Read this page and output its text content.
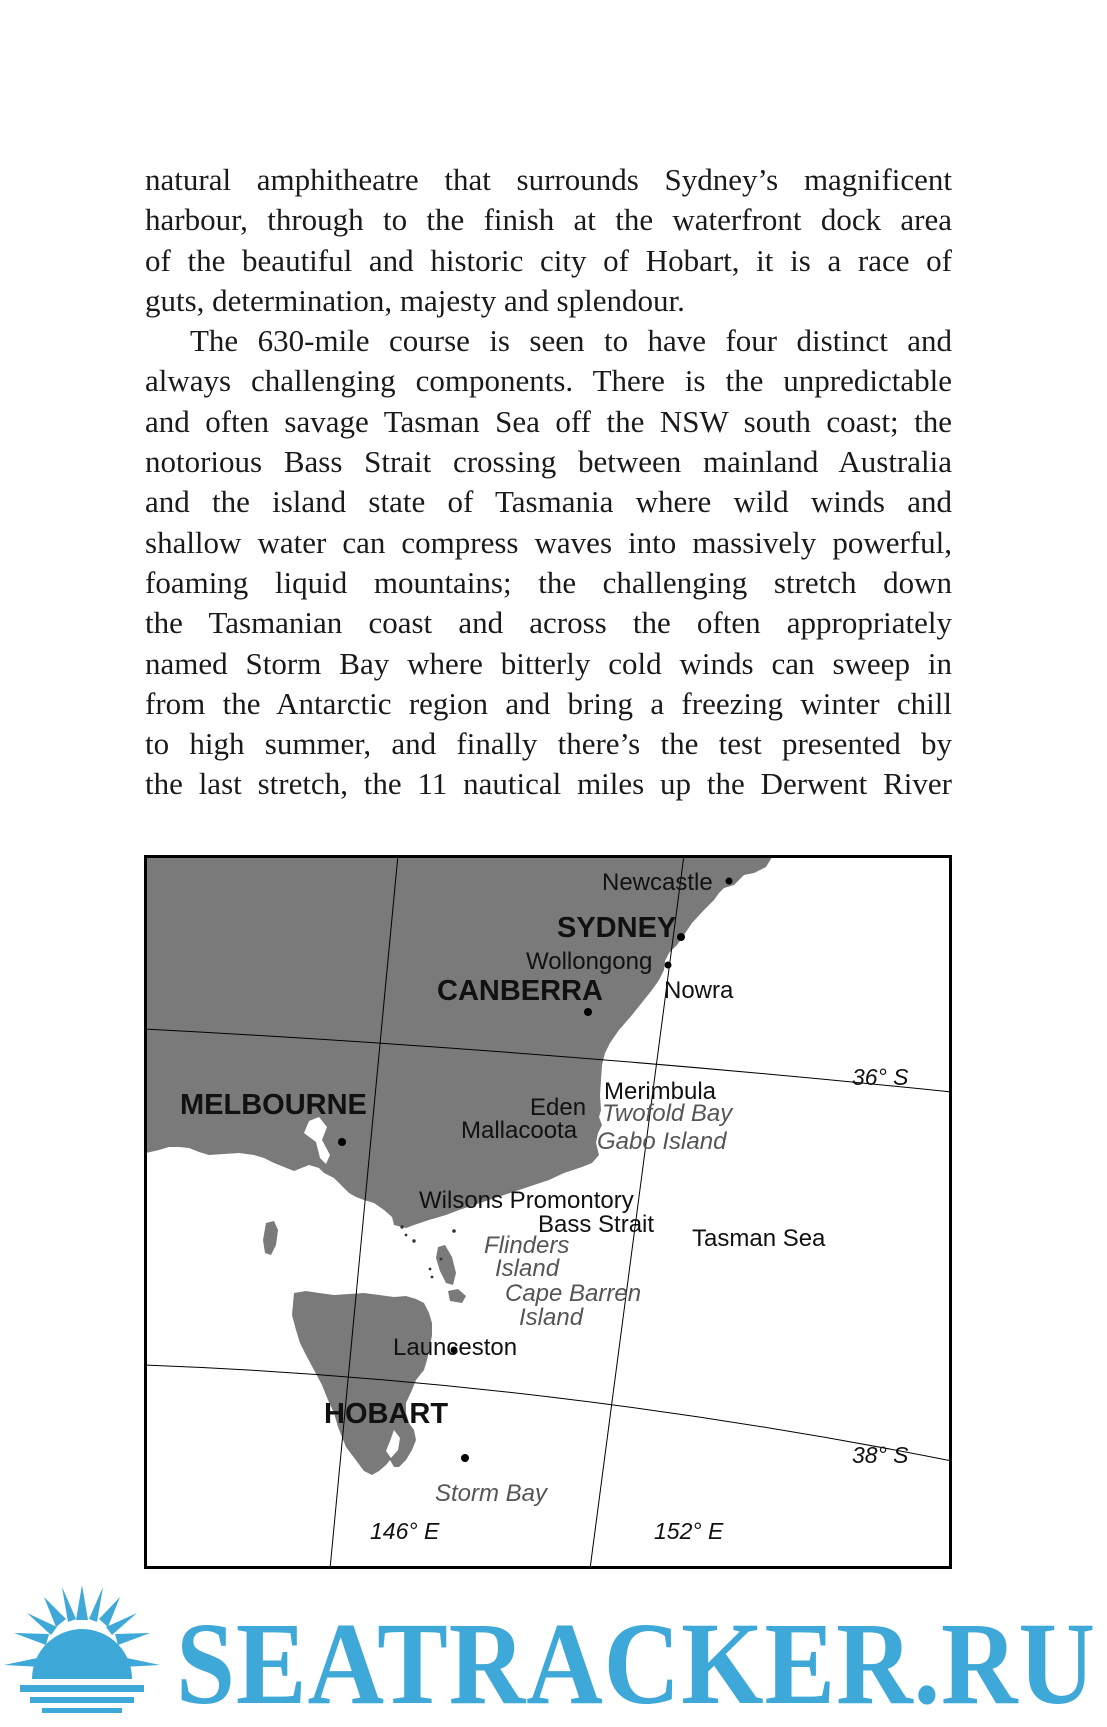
natural amphitheatre that surrounds Sydney’s magnificent
harbour, through to the finish at the waterfront dock area
of the beautiful and historic city of Hobart, it is a race of
guts, determination, majesty and splendour.

The 630-mile course is seen to have four distinct and
always challenging components. There is the unpredictable
and often savage Tasman Sea off the NSW south coast; the
notorious Bass Strait crossing between mainland Australia
and the island state of Tasmania where wild winds and
shallow water can compress waves into massively powerful,
foaming liquid mountains; the challenging stretch down
the Tasmanian coast and across the often appropriately
named Storm Bay where bitterly cold winds can sweep in
from the Antarctic region and bring a freezing winter chill
to high summer, and finally there’s the test presented by
the last stretch, the 11 nautical miles up the Derwent River

Newcastle
SYDNEY
Wollongong
Nowra
CANBERRA
36° S
Merimbula
Eden Twofold Bay
MELBOURNE
Mallacoota Gabo Island
Wilsons Promontory
Bass Strait
Tasman Sea
Flinders
Island
Cape Barren
Island
Launceston
HOBART
38° S
Storm Bay
146° E	152° E
SEATRACKER.RU
